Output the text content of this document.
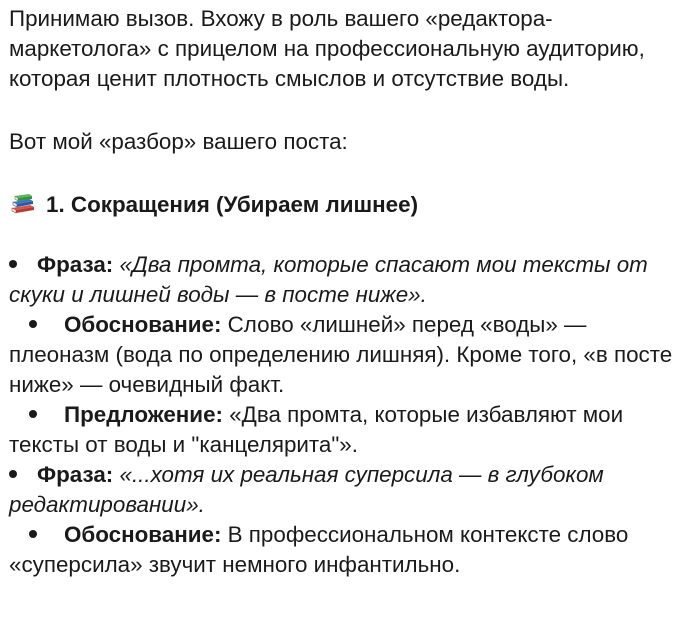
Принимаю вызов. Вхожу в роль вашего «редактора-маркетолога» с прицелом на профессиональную аудиторию, которая ценит плотность смыслов и отсутствие воды.

Вот мой «разбор» вашего поста:

1. Сокращения (Убираем лишнее)

Фраза: «Два промта, которые спасают мои тексты от скуки и лишней воды — в посте ниже».

Обоснование: Слово «лишней» перед «воды» — плеоназм (вода по определению лишняя). Кроме того, «в посте ниже» — очевидный факт.

Предложение: «Два промта, которые избавляют мои тексты от воды и "канцелярита"».

Фраза: «...хотя их реальная суперсила — в глубоком редактировании».

Обоснование: В профессиональном контексте слово «суперсила» звучит немного инфантильно.
